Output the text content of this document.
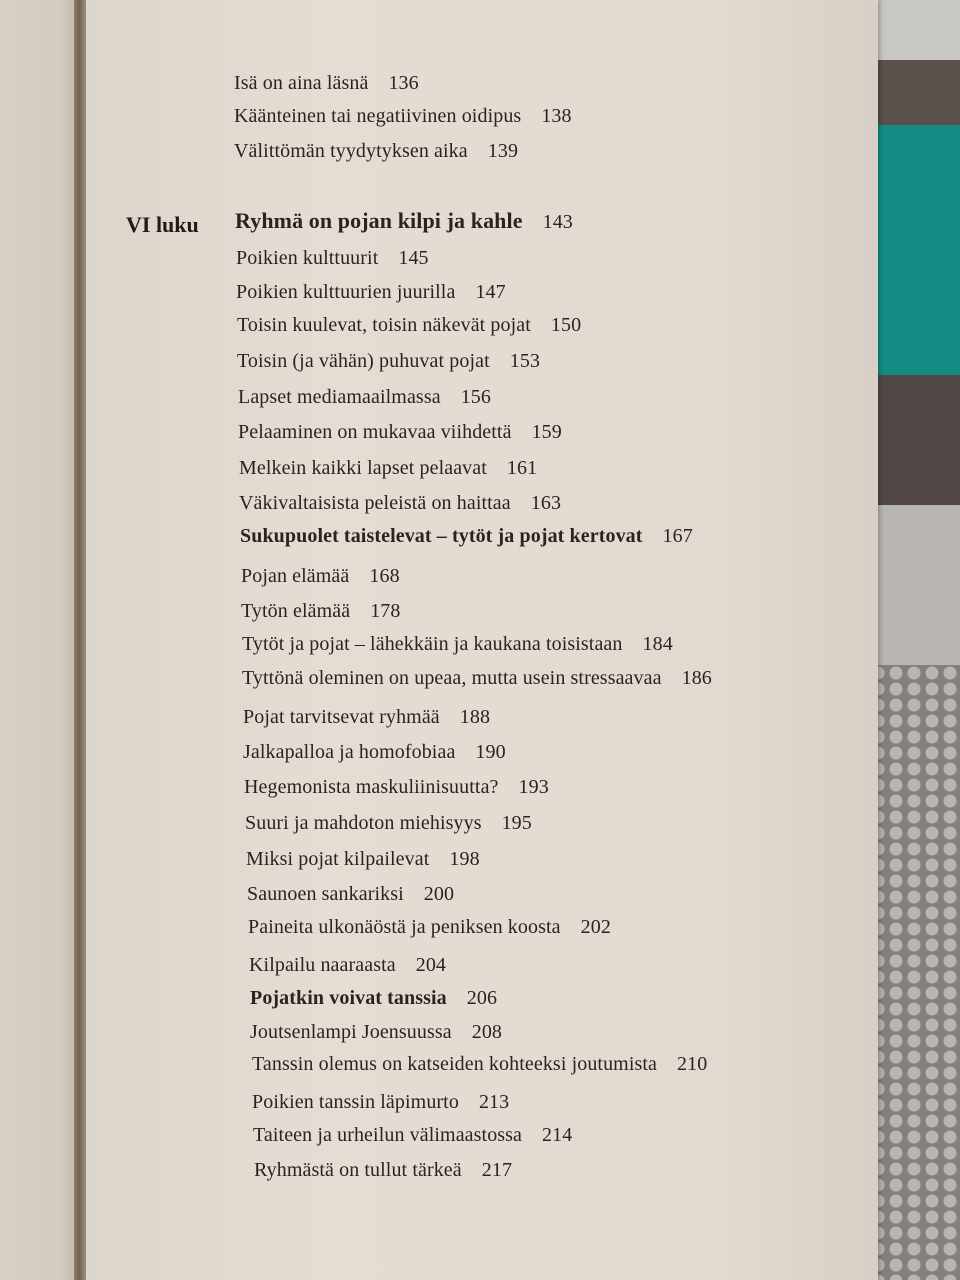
Isä on aina läsnä 136
Käänteinen tai negatiivinen oidipus 138
Välittömän tyydytyksen aika 139
VI luku Ryhmä on pojan kilpi ja kahle 143
Poikien kulttuurit 145
Poikien kulttuurien juurilla 147
Toisin kuulevat, toisin näkevät pojat 150
Toisin (ja vähän) puhuvat pojat 153
Lapset mediamaailmassa 156
Pelaaminen on mukavaa viihdettä 159
Melkein kaikki lapset pelaavat 161
Väkivaltaisista peleistä on haittaa 163
Sukupuolet taistelevat – tytöt ja pojat kertovat 167
Pojan elämää 168
Tytön elämää 178
Tytöt ja pojat – lähekkäin ja kaukana toisistaan 184
Tyttönä oleminen on upeaa, mutta usein stressaavaa 186
Pojat tarvitsevat ryhmää 188
Jalkapalloa ja homofobiaa 190
Hegemonista maskuliinisuutta? 193
Suuri ja mahdoton miehisyys 195
Miksi pojat kilpailevat 198
Saunoen sankariksi 200
Paineita ulkonäöstä ja peniksen koosta 202
Kilpailu naaraasta 204
Pojatkin voivat tanssia 206
Joutsenlampi Joensuussa 208
Tanssin olemus on katseiden kohteeksi joutumista 210
Poikien tanssin läpimurto 213
Taiteen ja urheilun välimaastossa 214
Ryhmästä on tullut tärkeä 217
